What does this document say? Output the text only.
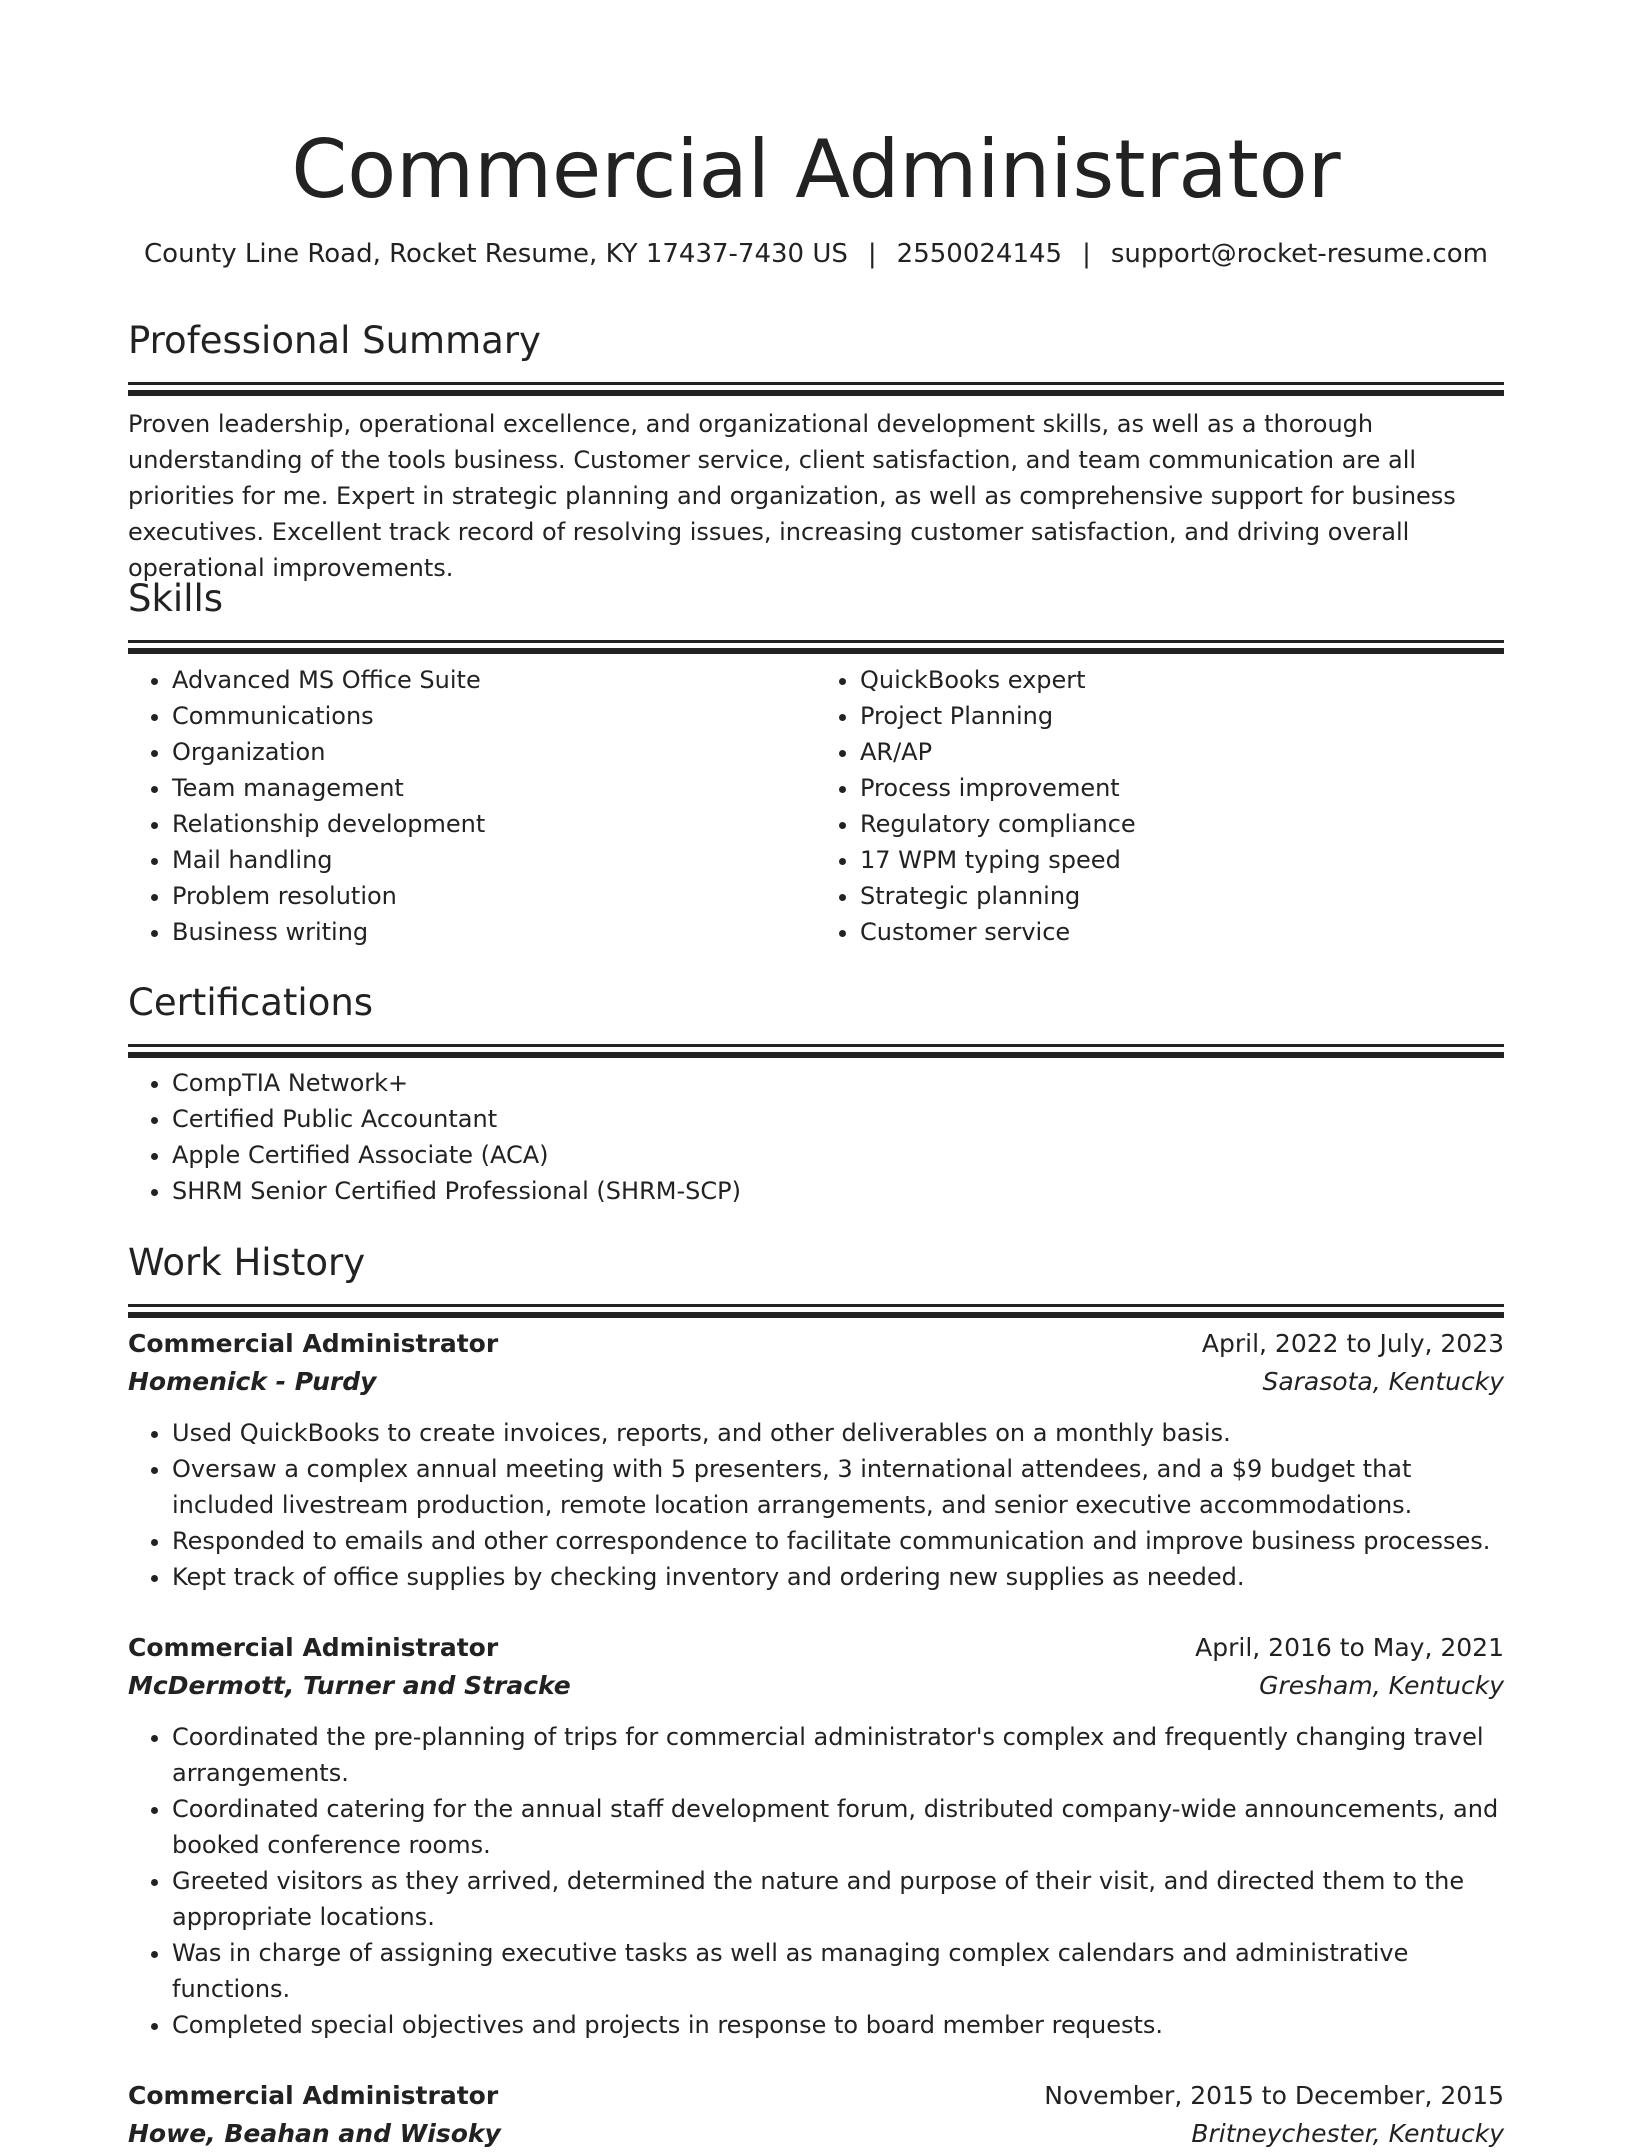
Commercial Administrator
County Line Road, Rocket Resume, KY 17437-7430 US | 2550024145 | support@rocket-resume.com
Professional Summary

Proven leadership, operational excellence, and organizational development skills, as well as a thorough understanding of the tools business. Customer service, client satisfaction, and team communication are all priorities for me. Expert in strategic planning and organization, as well as comprehensive support for business executives. Excellent track record of resolving issues, increasing customer satisfaction, and driving overall operational improvements.

Skills
• Advanced MS Office Suite
• Communications
• Organization
• Team management
• Relationship development
• Mail handling
• Problem resolution
• Business writing
• QuickBooks expert
• Project Planning
• AR/AP
• Process improvement
• Regulatory compliance
• 17 WPM typing speed
• Strategic planning
• Customer service
Certifications
• CompTIA Network+
• Certified Public Accountant
• Apple Certified Associate (ACA)
• SHRM Senior Certified Professional (SHRM-SCP)
Work History
Commercial Administrator	April, 2022 to July, 2023
Homenick - Purdy	Sarasota, Kentucky
• Used QuickBooks to create invoices, reports, and other deliverables on a monthly basis.
• Oversaw a complex annual meeting with 5 presenters, 3 international attendees, and a $9 budget that included livestream production, remote location arrangements, and senior executive accommodations.
• Responded to emails and other correspondence to facilitate communication and improve business processes.
• Kept track of office supplies by checking inventory and ordering new supplies as needed.
Commercial Administrator	April, 2016 to May, 2021
McDermott, Turner and Stracke	Gresham, Kentucky
• Coordinated the pre-planning of trips for commercial administrator's complex and frequently changing travel arrangements.
• Coordinated catering for the annual staff development forum, distributed company-wide announcements, and booked conference rooms.
• Greeted visitors as they arrived, determined the nature and purpose of their visit, and directed them to the appropriate locations.
• Was in charge of assigning executive tasks as well as managing complex calendars and administrative functions.
• Completed special objectives and projects in response to board member requests.
Commercial Administrator	November, 2015 to December, 2015
Howe, Beahan and Wisoky	Britneychester, Kentucky
